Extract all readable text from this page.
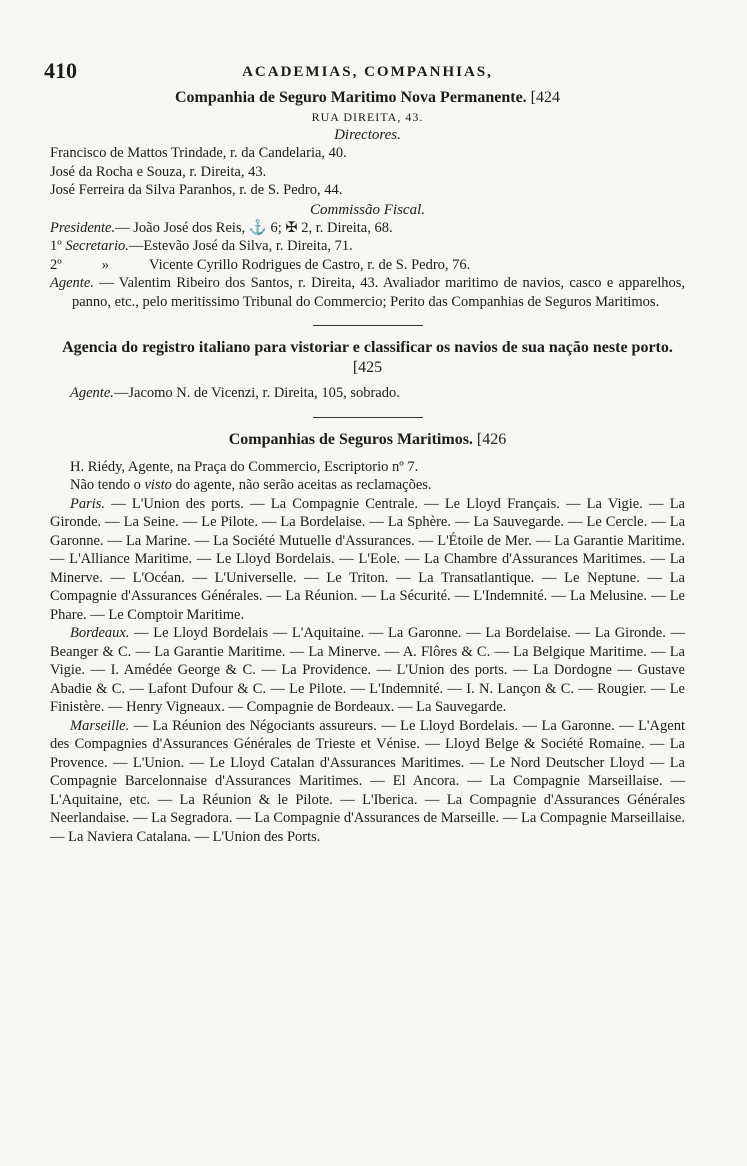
410	ACADEMIAS, COMPANHIAS,
Companhia de Seguro Maritimo Nova Permanente. [424
RUA DIREITA, 43.
Directores.
Francisco de Mattos Trindade, r. da Candelaria, 40.
José da Rocha e Souza, r. Direita, 43.
José Ferreira da Silva Paranhos, r. de S. Pedro, 44.
Commissão Fiscal.
Presidente.— João José dos Reis, ⚓ 6; ✠ 2, r. Direita, 68.
1º Secretario.—Estevão José da Silva, r. Direita, 71.
2º	»	Vicente Cyrillo Rodrigues de Castro, r. de S. Pedro, 76.
Agente. — Valentim Ribeiro dos Santos, r. Direita, 43. Avaliador maritimo de navios, casco e apparelhos, panno, etc., pelo meritissimo Tribunal do Commercio; Perito das Companhias de Seguros Maritimos.
Agencia do registro italiano para vistoriar e classificar os navios de sua nação neste porto. [425
Agente.—Jacomo N. de Vicenzi, r. Direita, 105, sobrado.
Companhias de Seguros Maritimos. [426
H. Riédy, Agente, na Praça do Commercio, Escriptorio nº 7.
Não tendo o visto do agente, não serão aceitas as reclamações.
Paris. — L'Union des ports. — La Compagnie Centrale. — Le Lloyd Français. — La Vigie. — La Gironde. — La Seine. — Le Pilote. — La Bordelaise. — La Sphère. — La Sauvegarde. — Le Cercle. — La Garonne. — La Marine. — La Société Mutuelle d'Assurances. — L'Étoile de Mer. — La Garantie Maritime. — L'Alliance Maritime. — Le Lloyd Bordelais. — L'Eole. — La Chambre d'Assurances Maritimes. — La Minerve. — L'Océan. — L'Universelle. — Le Triton. — La Transatlantique. — Le Neptune. — La Compagnie d'Assurances Générales. — La Réunion. — La Sécurité. — L'Indemnité. — La Melusine. — Le Phare. — Le Comptoir Maritime.
Bordeaux. — Le Lloyd Bordelais — L'Aquitaine. — La Garonne. — La Bordelaise. — La Gironde. — Beanger & C. — La Garantie Maritime. — La Minerve. — A. Flôres & C. — La Belgique Maritime. — La Vigie. — I. Amédée George & C. — La Providence. — L'Union des ports. — La Dordogne — Gustave Abadie & C. — Lafont Dufour & C. — Le Pilote. — L'Indemnité. — I. N. Lançon & C. — Rougier. — Le Finistère. — Henry Vigneaux. — Compagnie de Bordeaux. — La Sauvegarde.
Marseille. — La Réunion des Négociants assureurs. — Le Lloyd Bordelais. — La Garonne. — L'Agent des Compagnies d'Assurances Générales de Trieste et Vénise. — Lloyd Belge & Société Romaine. — La Provence. — L'Union. — Le Lloyd Catalan d'Assurances Maritimes. — Le Nord Deutscher Lloyd — La Compagnie Barcelonnaise d'Assurances Maritimes. — El Ancora. — La Compagnie Marseillaise. — L'Aquitaine, etc. — La Réunion & le Pilote. — L'Iberica. — La Compagnie d'Assurances Générales Neerlandaise. — La Segradora. — La Compagnie d'Assurances de Marseille. — La Compagnie Marseillaise. — La Naviera Catalana. — L'Union des Ports.
